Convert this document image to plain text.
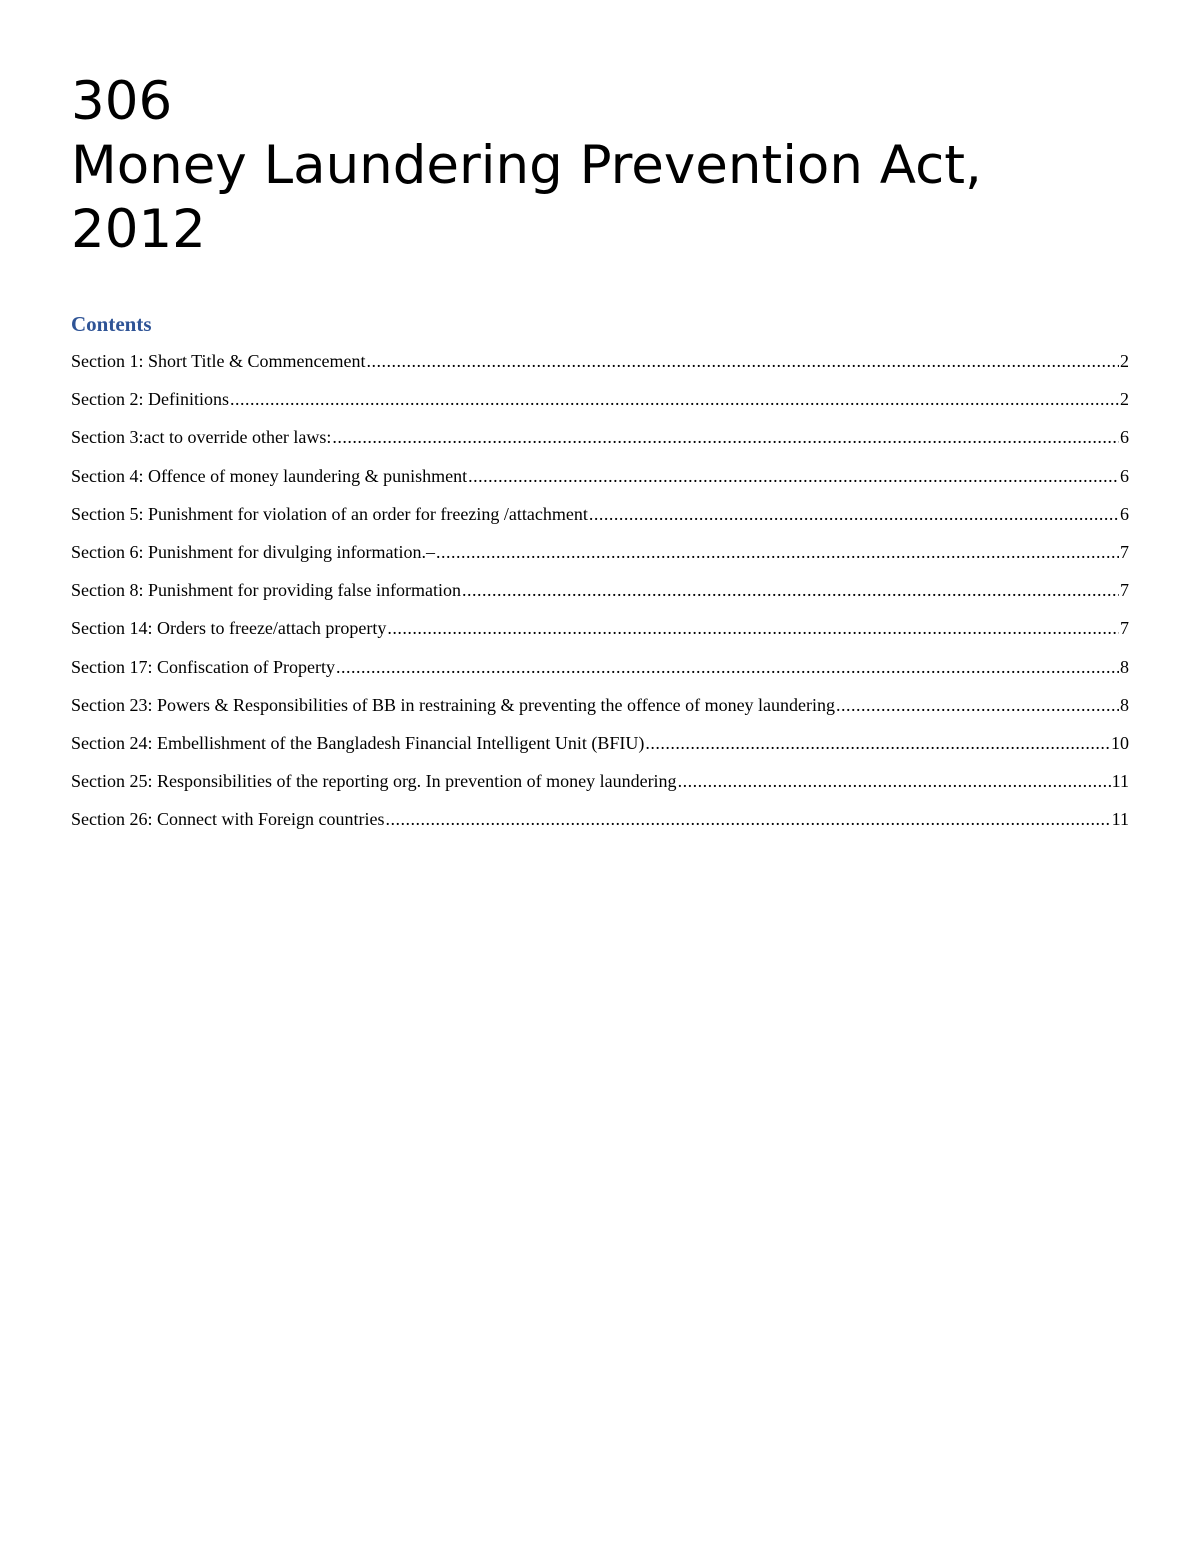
306
Money Laundering Prevention Act,
2012
Contents
Section 1: Short Title & Commencement .....	2
Section 2: Definitions .....	2
Section 3:act to override other laws: .....	6
Section 4: Offence of money laundering & punishment .....	6
Section 5: Punishment for violation of an order for freezing /attachment .....	6
Section 6: Punishment for divulging information.– .....	7
Section 8: Punishment for providing false information .....	7
Section 14: Orders to freeze/attach property .....	7
Section 17: Confiscation of Property .....	8
Section 23: Powers & Responsibilities of BB in restraining & preventing the offence of money laundering .....	8
Section 24: Embellishment of the Bangladesh Financial Intelligent Unit (BFIU) .....	10
Section 25: Responsibilities of the reporting org. In prevention of money laundering .....	11
Section 26: Connect with Foreign countries .....	11
